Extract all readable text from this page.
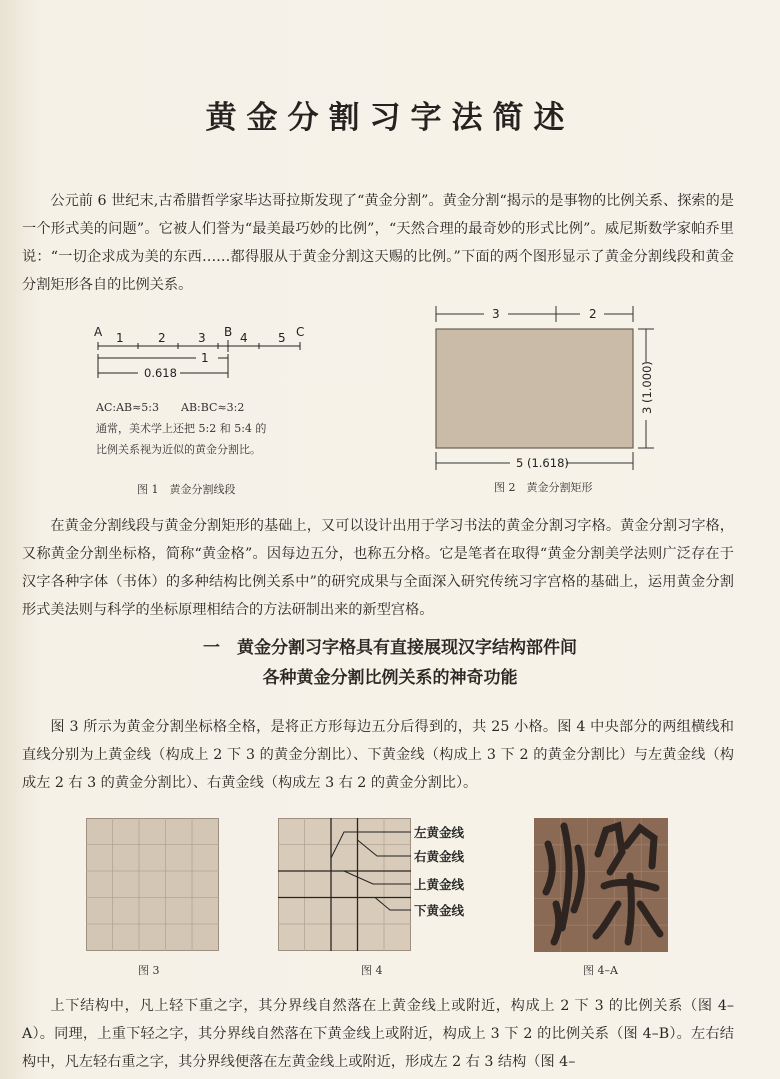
黄金分割习字法简述
公元前 6 世纪末,古希腊哲学家毕达哥拉斯发现了“黄金分割”。黄金分割“揭示的是事物的比例关系、探索的是一个形式美的问题”。它被人们誉为“最美最巧妙的比例”，“天然合理的最奇妙的形式比例”。威尼斯数学家帕乔里说：“一切企求成为美的东西……都得服从于黄金分割这天赐的比例。”下面的两个图形显示了黄金分割线段和黄金分割矩形各自的比例关系。
A 1	2	3 B 4	5 C
1
0.618
AC:AB≈5:3　　AB:BC≈3:2
通常，美术学上还把 5:2 和 5:4 的
比例关系视为近似的黄金分割比。
图 1　黄金分割线段
3	2
3 (1.000)
5 (1.618)
图 2　黄金分割矩形
在黄金分割线段与黄金分割矩形的基础上，又可以设计出用于学习书法的黄金分割习字格。黄金分割习字格，又称黄金分割坐标格，简称“黄金格”。因每边五分，也称五分格。它是笔者在取得“黄金分割美学法则广泛存在于汉字各种字体（书体）的多种结构比例关系中”的研究成果与全面深入研究传统习字宫格的基础上，运用黄金分割形式美法则与科学的坐标原理相结合的方法研制出来的新型宫格。
一　黄金分割习字格具有直接展现汉字结构部件间
各种黄金分割比例关系的神奇功能
图 3 所示为黄金分割坐标格全格，是将正方形每边五分后得到的，共 25 小格。图 4 中央部分的两组横线和直线分别为上黄金线（构成上 2 下 3 的黄金分割比）、下黄金线（构成上 3 下 2 的黄金分割比）与左黄金线（构成左 2 右 3 的黄金分割比）、右黄金线（构成左 3 右 2 的黄金分割比）。
图 3
左黄金线
右黄金线
上黄金线
下黄金线
图 4	图 4–A
上下结构中，凡上轻下重之字，其分界线自然落在上黄金线上或附近，构成上 2 下 3 的比例关系（图 4–A）。同理，上重下轻之字，其分界线自然落在下黄金线上或附近，构成上 3 下 2 的比例关系（图 4–B）。左右结构中，凡左轻右重之字，其分界线便落在左黄金线上或附近，形成左 2 右 3 结构（图 4–
